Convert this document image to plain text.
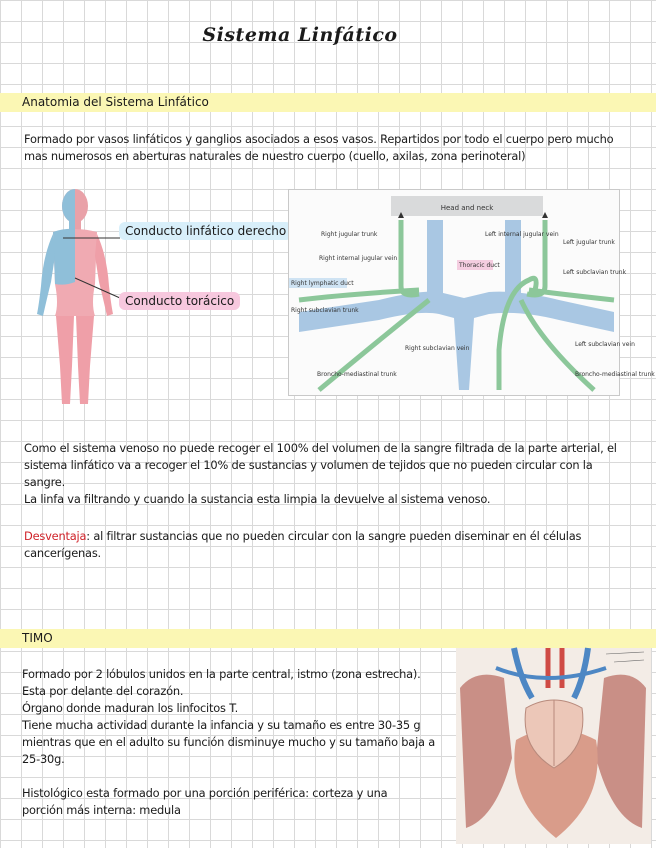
Sistema Linfático
Anatomia del Sistema Linfático

Formado por vasos linfáticos y ganglios asociados a esos vasos. Repartidos por todo el cuerpo pero mucho

mas numerosos en aberturas naturales de nuestro cuerpo (cuello, axilas, zona perinoteral)

Conducto linfático derecho
Conducto torácico
Head and neck
Right jugular trunk
Right internal jugular vein
Right lymphatic duct
Right subclavian trunk
Left internal jugular vein
Thoracic duct
Left jugular trunk
Left subclavian trunk
Right subclavian vein
Left subclavian vein
Broncho-mediastinal trunk	Broncho-mediastinal trunk

Como el sistema venoso no puede recoger el 100% del volumen de la sangre filtrada de la parte arterial, el

sistema linfático va a recoger el 10% de sustancias y volumen de tejidos que no pueden circular con la

sangre.

La linfa va filtrando y cuando la sustancia esta limpia la devuelve al sistema venoso.

Desventaja: al filtrar sustancias que no pueden circular con la sangre pueden diseminar en él células

cancerígenas.

TIMO

Formado por 2 lóbulos unidos en la parte central, istmo (zona estrecha).

Esta por delante del corazón.

Órgano donde maduran los linfocitos T.

Tiene mucha actividad durante la infancia y su tamaño es entre 30-35 g

mientras que en el adulto su función disminuye mucho y su tamaño baja a

25-30g.

Histológico esta formado por una porción periférica: corteza y una

porción más interna: medula
